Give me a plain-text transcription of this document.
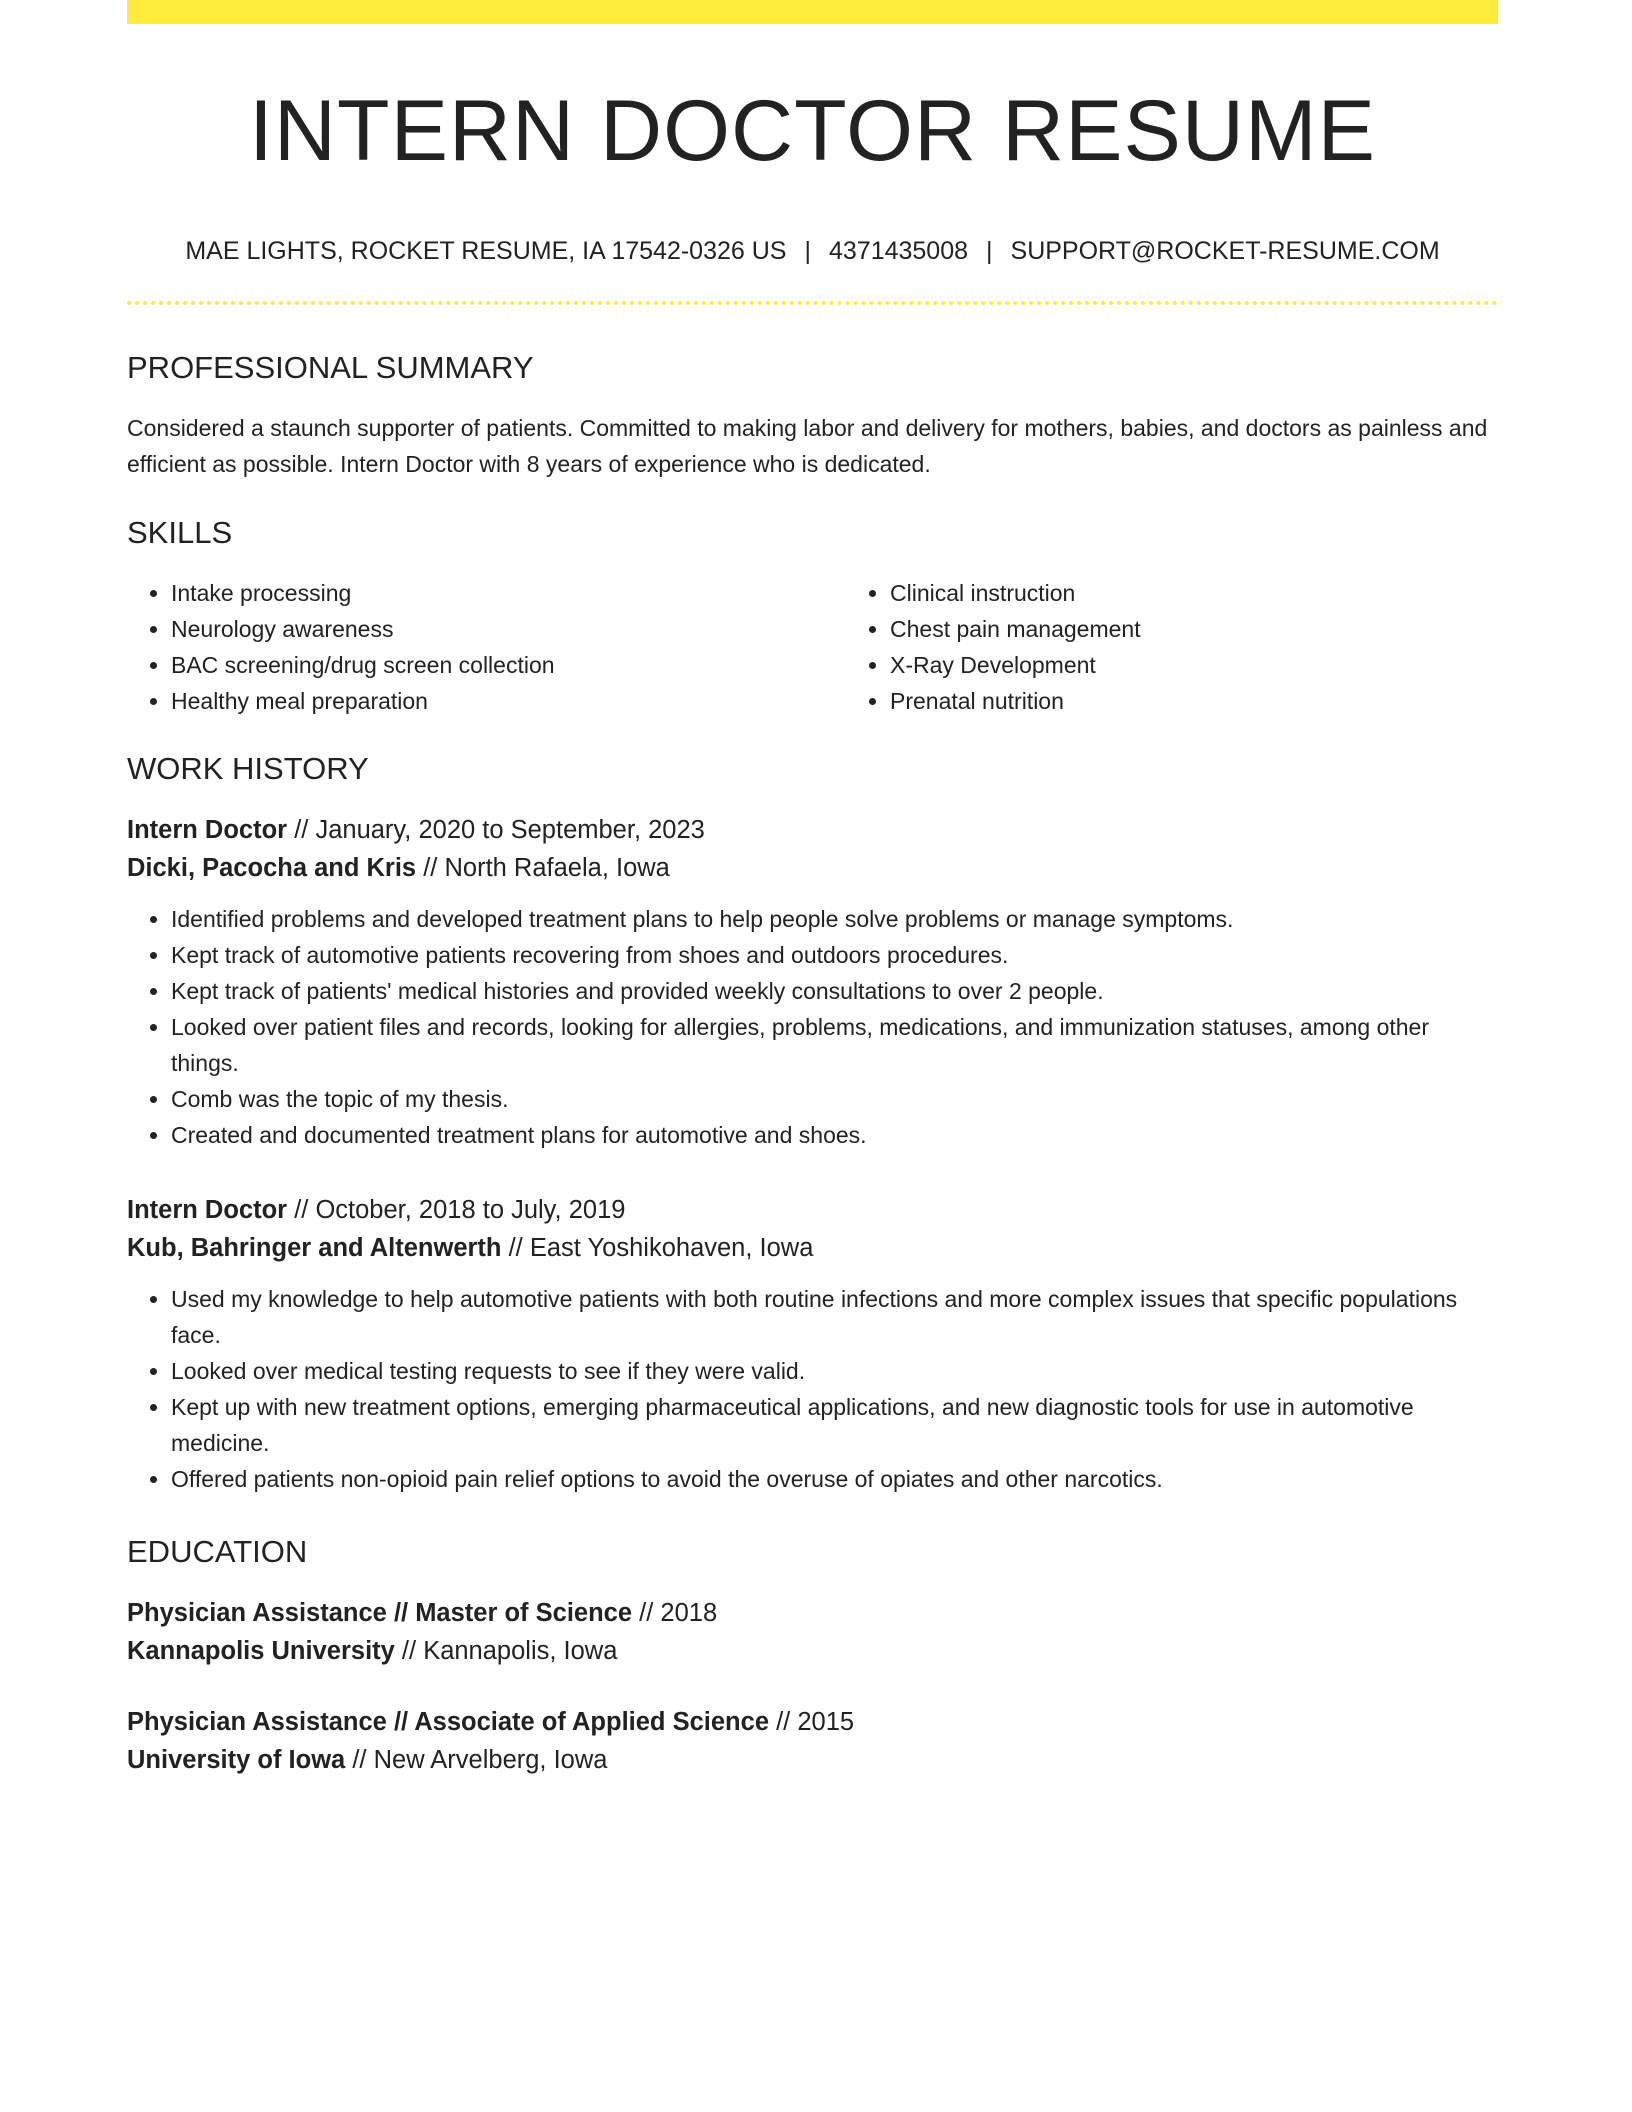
INTERN DOCTOR RESUME
MAE LIGHTS, ROCKET RESUME, IA 17542-0326 US | 4371435008 | SUPPORT@ROCKET-RESUME.COM
PROFESSIONAL SUMMARY

Considered a staunch supporter of patients. Committed to making labor and delivery for mothers, babies, and doctors as painless and efficient as possible. Intern Doctor with 8 years of experience who is dedicated.

SKILLS
• Intake processing
• Neurology awareness
• BAC screening/drug screen collection
• Healthy meal preparation
• Clinical instruction
• Chest pain management
• X-Ray Development
• Prenatal nutrition
WORK HISTORY
Intern Doctor // January, 2020 to September, 2023
Dicki, Pacocha and Kris // North Rafaela, Iowa
• Identified problems and developed treatment plans to help people solve problems or manage symptoms.
• Kept track of automotive patients recovering from shoes and outdoors procedures.
• Kept track of patients' medical histories and provided weekly consultations to over 2 people.
• Looked over patient files and records, looking for allergies, problems, medications, and immunization statuses, among other things.
• Comb was the topic of my thesis.
• Created and documented treatment plans for automotive and shoes.
Intern Doctor // October, 2018 to July, 2019
Kub, Bahringer and Altenwerth // East Yoshikohaven, Iowa
• Used my knowledge to help automotive patients with both routine infections and more complex issues that specific populations face.
• Looked over medical testing requests to see if they were valid.
• Kept up with new treatment options, emerging pharmaceutical applications, and new diagnostic tools for use in automotive medicine.
• Offered patients non-opioid pain relief options to avoid the overuse of opiates and other narcotics.
EDUCATION
Physician Assistance // Master of Science // 2018
Kannapolis University // Kannapolis, Iowa
Physician Assistance // Associate of Applied Science // 2015
University of Iowa // New Arvelberg, Iowa
